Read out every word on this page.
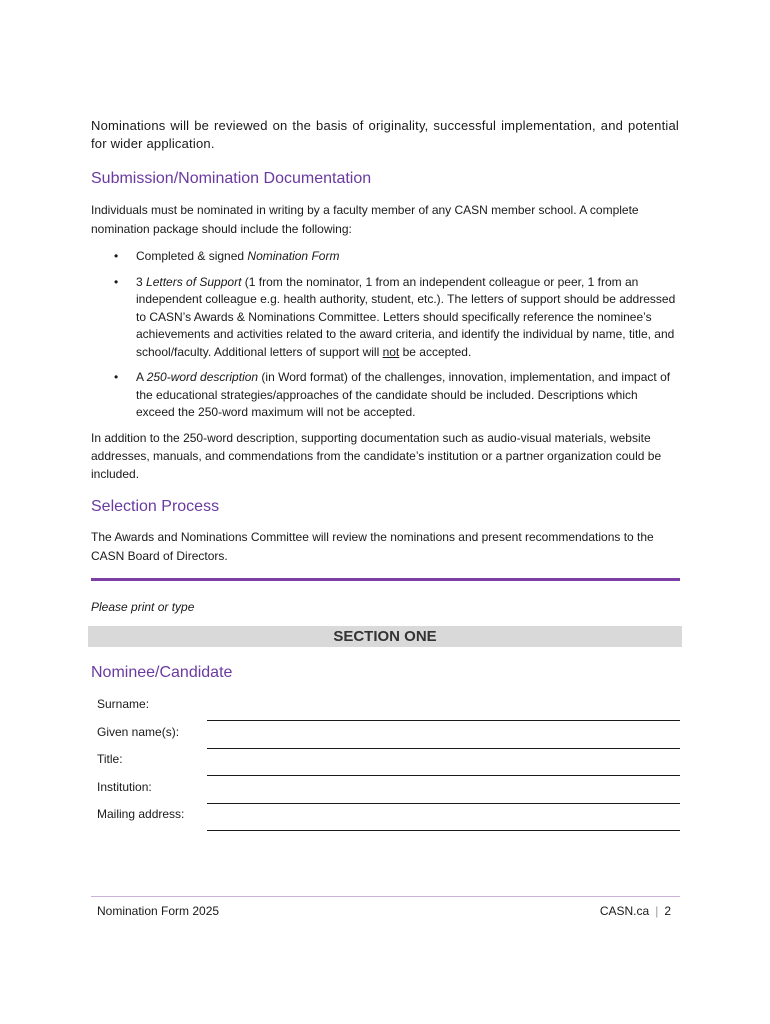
Nominations will be reviewed on the basis of originality, successful implementation, and potential for wider application.
Submission/Nomination Documentation
Individuals must be nominated in writing by a faculty member of any CASN member school. A complete nomination package should include the following:
• Completed & signed Nomination Form
• 3 Letters of Support (1 from the nominator, 1 from an independent colleague or peer, 1 from an independent colleague e.g. health authority, student, etc.). The letters of support should be addressed to CASN’s Awards & Nominations Committee. Letters should specifically reference the nominee’s achievements and activities related to the award criteria, and identify the individual by name, title, and school/faculty. Additional letters of support will not be accepted.
• A 250-word description (in Word format) of the challenges, innovation, implementation, and impact of the educational strategies/approaches of the candidate should be included. Descriptions which exceed the 250-word maximum will not be accepted.
In addition to the 250-word description, supporting documentation such as audio-visual materials, website addresses, manuals, and commendations from the candidate’s institution or a partner organization could be included.
Selection Process
The Awards and Nominations Committee will review the nominations and present recommendations to the CASN Board of Directors.
Please print or type
SECTION ONE
Nominee/Candidate
Surname:
Given name(s):
Title:
Institution:
Mailing address:
Nomination Form 2025	CASN.ca | 2
